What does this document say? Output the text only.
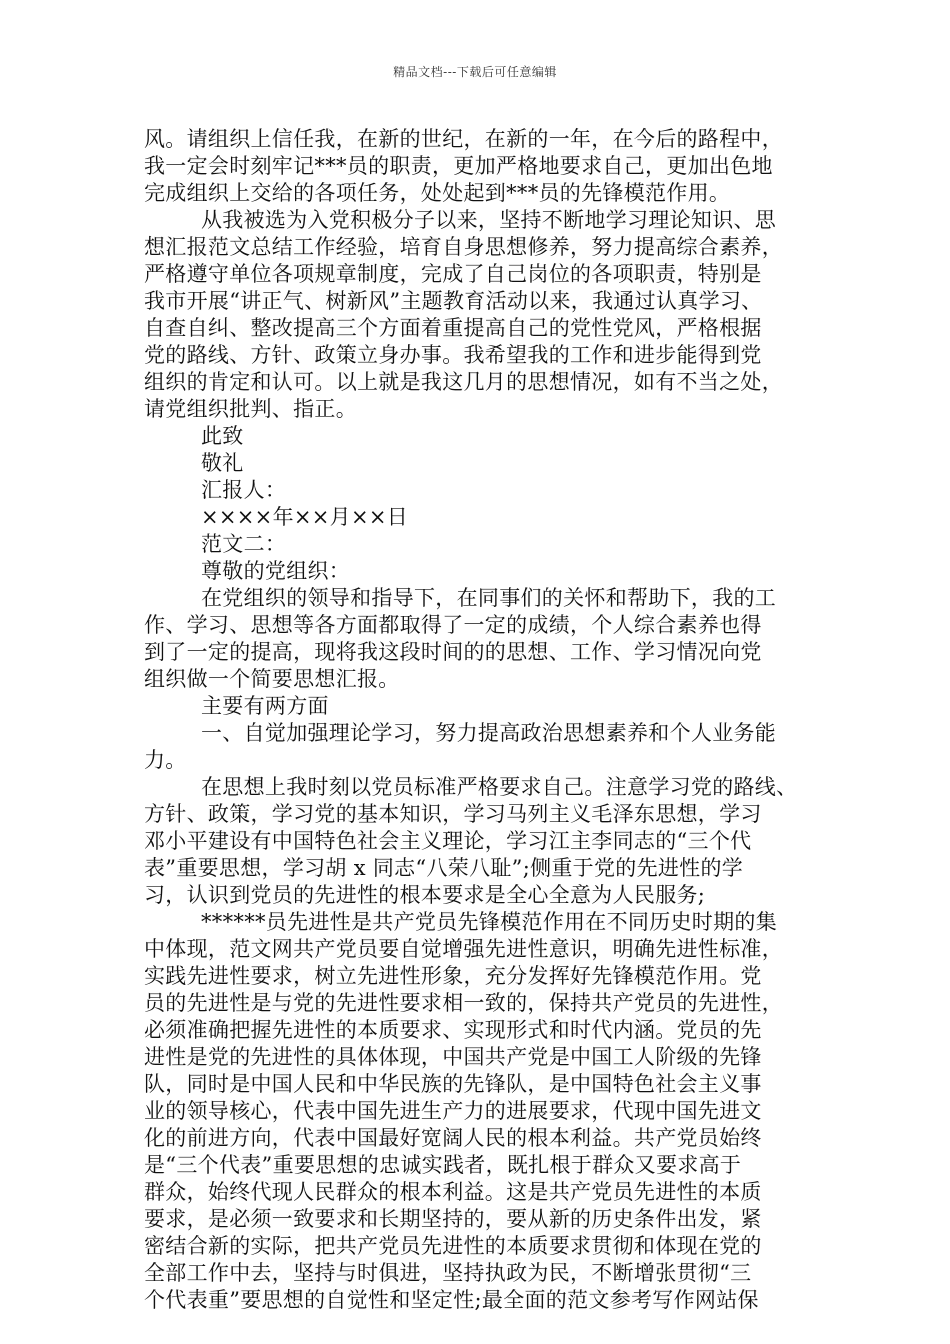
精品文档---下载后可任意编辑
风。请组织上信任我，在新的世纪，在新的一年，在今后的路程中，
我一定会时刻牢记***员的职责，更加严格地要求自己，更加出色地
完成组织上交给的各项任务，处处起到***员的先锋模范作用。
从我被选为入党积极分子以来，坚持不断地学习理论知识、思
想汇报范文总结工作经验，培育自身思想修养，努力提高综合素养，
严格遵守单位各项规章制度，完成了自己岗位的各项职责，特别是
我市开展“讲正气、树新风”主题教育活动以来，我通过认真学习、
自查自纠、整改提高三个方面着重提高自己的党性党风，严格根据
党的路线、方针、政策立身办事。我希望我的工作和进步能得到党
组织的肯定和认可。以上就是我这几月的思想情况，如有不当之处，
请党组织批判、指正。
此致
敬礼
汇报人：
××××年××月××日
范文二：
尊敬的党组织：
在党组织的领导和指导下，在同事们的关怀和帮助下，我的工
作、学习、思想等各方面都取得了一定的成绩，个人综合素养也得
到了一定的提高，现将我这段时间的的思想、工作、学习情况向党
组织做一个简要思想汇报。
主要有两方面
一、自觉加强理论学习，努力提高政治思想素养和个人业务能
力。
在思想上我时刻以党员标准严格要求自己。注意学习党的路线、
方针、政策，学习党的基本知识，学习马列主义毛泽东思想，学习
邓小平建设有中国特色社会主义理论，学习江主李同志的“三个代
表”重要思想，学习胡 x 同志“八荣八耻”;侧重于党的先进性的学
习，认识到党员的先进性的根本要求是全心全意为人民服务;
******员先进性是共产党员先锋模范作用在不同历史时期的集
中体现，范文网共产党员要自觉增强先进性意识，明确先进性标准，
实践先进性要求，树立先进性形象，充分发挥好先锋模范作用。党
员的先进性是与党的先进性要求相一致的，保持共产党员的先进性，
必须准确把握先进性的本质要求、实现形式和时代内涵。党员的先
进性是党的先进性的具体体现，中国共产党是中国工人阶级的先锋
队，同时是中国人民和中华民族的先锋队，是中国特色社会主义事
业的领导核心，代表中国先进生产力的进展要求，代现中国先进文
化的前进方向，代表中国最好宽阔人民的根本利益。共产党员始终
是“三个代表”重要思想的忠诚实践者，既扎根于群众又要求高于
群众，始终代现人民群众的根本利益。这是共产党员先进性的本质
要求，是必须一致要求和长期坚持的，要从新的历史条件出发，紧
密结合新的实际，把共产党员先进性的本质要求贯彻和体现在党的
全部工作中去，坚持与时俱进，坚持执政为民，不断增张贯彻“三
个代表重”要思想的自觉性和坚定性;最全面的范文参考写作网站保
